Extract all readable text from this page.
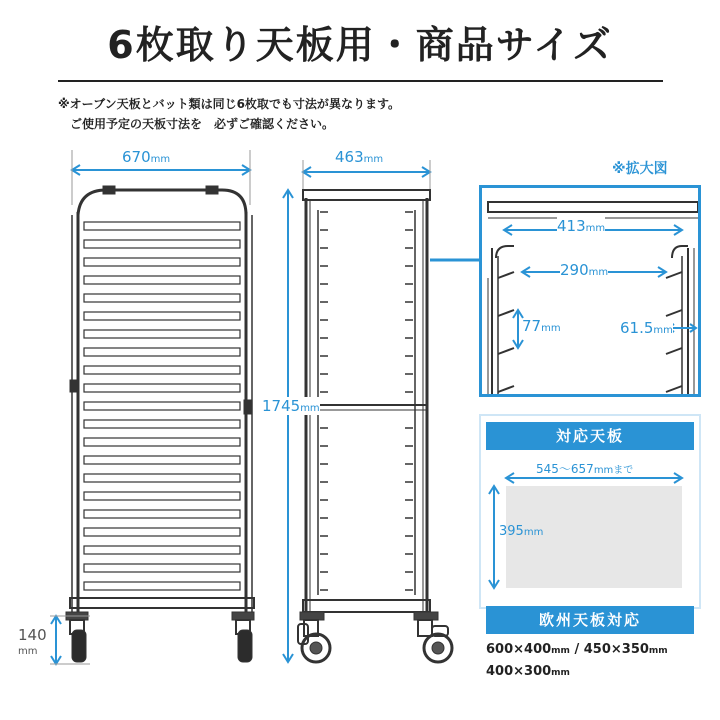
6枚取り天板用・商品サイズ
※オーブン天板とバット類は同じ6枚取でも寸法が異なります。
　ご使用予定の天板寸法を　必ずご確認ください。
670mm
140
mm
463mm
1745mm
※拡大図
413mm
290mm
77mm	61.5mm
対応天板
545〜657mmまで
395mm
欧州天板対応
600×400mm / 450×350mm
400×300mm
